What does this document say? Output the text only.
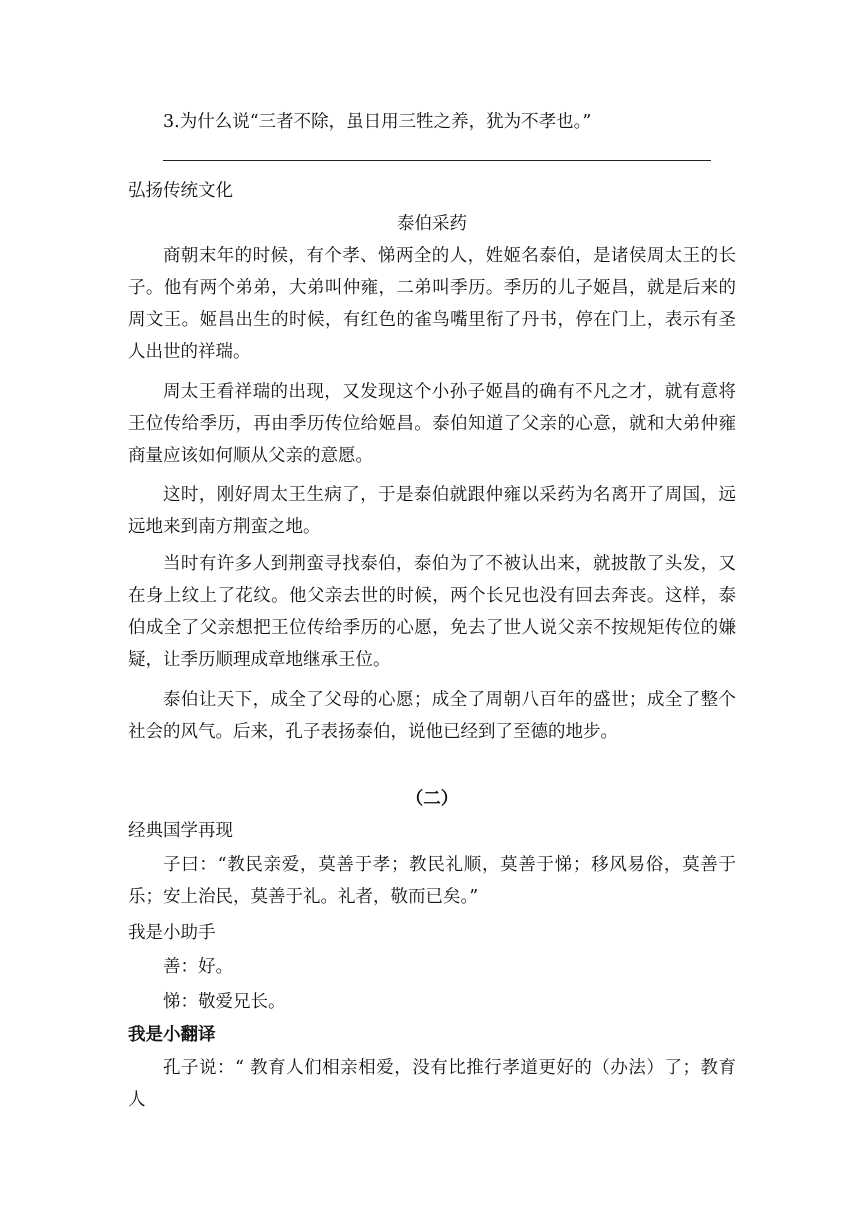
3.为什么说“三者不除，虽日用三牲之养，犹为不孝也。”

弘扬传统文化

泰伯采药

商朝末年的时候，有个孝、悌两全的人，姓姬名泰伯，是诸侯周太王的长子。他有两个弟弟，大弟叫仲雍，二弟叫季历。季历的儿子姬昌，就是后来的周文王。姬昌出生的时候，有红色的雀鸟嘴里衔了丹书，停在门上，表示有圣人出世的祥瑞。

周太王看祥瑞的出现，又发现这个小孙子姬昌的确有不凡之才，就有意将王位传给季历，再由季历传位给姬昌。泰伯知道了父亲的心意，就和大弟仲雍商量应该如何顺从父亲的意愿。

这时，刚好周太王生病了，于是泰伯就跟仲雍以采药为名离开了周国，远远地来到南方荆蛮之地。

当时有许多人到荆蛮寻找泰伯，泰伯为了不被认出来，就披散了头发，又在身上纹上了花纹。他父亲去世的时候，两个长兄也没有回去奔丧。这样，泰伯成全了父亲想把王位传给季历的心愿，免去了世人说父亲不按规矩传位的嫌疑，让季历顺理成章地继承王位。

泰伯让天下，成全了父母的心愿；成全了周朝八百年的盛世；成全了整个社会的风气。后来，孔子表扬泰伯，说他已经到了至德的地步。

（二）

经典国学再现

子曰：“教民亲爱，莫善于孝；教民礼顺，莫善于悌；移风易俗，莫善于乐；安上治民，莫善于礼。礼者，敬而已矣。”

我是小助手

善：好。

悌：敬爱兄长。

我是小翻译

孔子说：“ 教育人们相亲相爱，没有比推行孝道更好的（办法）了；教育人
